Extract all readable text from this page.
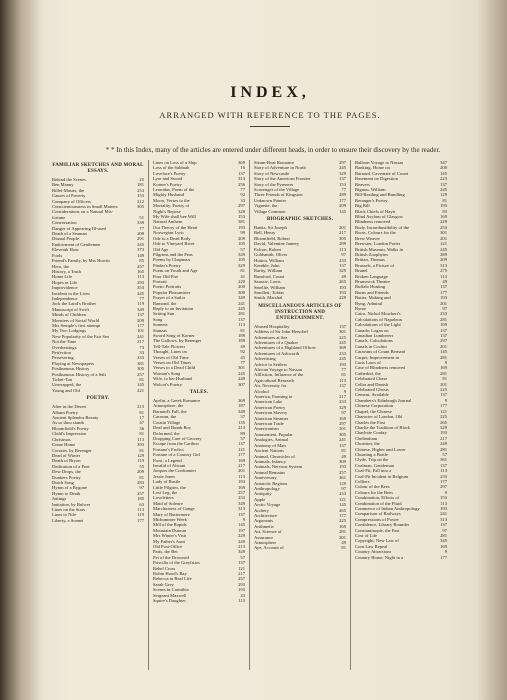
INDEX,
ARRANGED WITH REFERENCE TO THE PAGES.
* * In this Index, many of the articles are entered under different heads, in order to ensure their discovery by the reader.
FAMILIAR SKETCHES AND MORAL ESSAYS.
Behind the Scenes	25
Ben Manny	181
Billet-Master, the	253
Causes of Poverty	153
Company of Officers	212
Conscientiousness in Small Matters	305
Considerations on a Natural Mis-
fortune	51
Conversation	339
Danger of Appearing Ill-used	77
Death of a Seaman	208
Dismal People	291
Endowment of Gentlemen	245
Eleventh Hour	373
Fools	149
Friend's Family, by Mrs Howitt	85
Hero, the	257
History, a Truth	165
Home Life	113
Hopes in Life	293
Improvidence	353
Incident in the Lives	245
Independence	77
Jock the Laird's Brother	119
Manuscript of Swift	349
Minds of Children	137
Monsters of Social World	209
Mrs Semple's first attempt	177
My Two Lodgings	101
New Popularity of the Fair Sex	241
Not the Time	217
Overheatings	73
Perfection	33
Persevering	233
Playing at Newspapers	381
Posthumous History	305
Posthumous History of a Salt	257
Ticket-Ton	81
Unwrapped, the	145
Young and Old	221
POETRY.
After in the Desert	213
Album Poetry	81
Ancient Splendor Beauty	17
As so thou stands	47
Bloomfield's Poetry	36
Child's Impression	81
Christmas	113
Come Home	393
Coronet, by Berenger	81
Dead of Winter	129
Death of Bryon	119
Dedication of a Poet	55
Dew Drops, the	209
Dunkers Poetry	81
Dutch Song	283
Hymn of a Bygone	97
Hymn to Death	257
Jottings	185
Imitation, by Bulwer	63
Lines on the Stars	113
Lines to Nile	119
Liberty, a Sonnet	177
Lines on Loss of a Ship	369
Loss of the Sabbath	16
Lovelace's Poetry	137
Lyre and Sword	313
Korner's Poetry	256
Leonidas, Poem of the	77
Mighty Husband	92
Moon, Verses to the	33
Mortality, Poetry of	297
Night's Repose	320
My Wife shall bee Will	153
Natural Anthem	381
Our Theory of the Heart	193
Norwegian Lyric	99
Ode to a Dead Body	209
Ode to Vineyard River	105
Old Age	57
Pilgrims and the Peas	349
Poems by Chapman	105
Pindar's Poetry	329
Poem on Youth and Age	81
Poor Old Fire	41
Portrait	220
Poetic Portraits	200
Popular Pleasantries	300
Prayer of a Sailor	349
Ramond, the	241
Reply to an Invitation	245
Setting Sun	281
Song	137
Sonnets	113
Stanzas	81
Sword Song of Korner	189
The Gallows, by Berenger	189
Tell-Tale Flowers	49
Thought, Lines on	92
Verses of Old Time	45
Verses on Old Times	77
Verses to a Dead Child	301
Woman's Song	245
Wife, to her Husband	249
Wolcot's Poetry	307
TALES.
Ayelin, a Greek Romance	369
Atmosphere, the	187
Barnard's Fall, the	349
Caravan, the	37
Cousin Village	135
Deaf and Dumb Boy	213
Deformed, the	89
Dropping Care of Grocery	57
Escape from the Cariboo	137
Fortune's Frolics	121
Fortune of a Country Girl	177
Frost, a Legend	169
Invalid of Alicant	217
Jacques the Cordonnier	201
Jessie Jones	113
Lady of Bustle	193
Little Pilgrim, the	169
Lost Leg, the	257
Loveletters	233
Maid of Soleure	349
Marchioness of Gange	313
Mary of Buttermere	137
Midsummer Week	9
Mill of the Rapids	145
Mountain Duncan	197
Mrs Winter's Visit	229
My Father's Aunt	249
Old Post-Office	213
Paris, the Bet	349
Pet of the Drowned	57
Priscilla of the Greyfriars	137
Rebel Cross	121
Robin Hood's Bay	217
Rebecca in Real Life	257
Sarah Grey	293
Scenes in Carinthia	193
Sergeant Maxwell	43
Squire's Daughter	113
Steam-Boat Romance	297
Story of Adventure in North	245
Story of Newcastle	329
Story of the American Frontier	137
Story of the Pyrenees	153
Scavenger of the Village	77
Three Friends of Kingston	289
Unknown Painter	177
Vignette, the	209
Village Common	145
BIOGRAPHIC SKETCHES.
Banks, Sir Joseph	201
Bell, Henry	217
Bloomfield, Robert	305
David, Valentine Jamery	289
Falcon, Robert	113
Goldsmith, Oliver	97
Hutton, William	233
Kemble, John	137
Rarity, William	329
Rumford, Count	49
Saussie, Louis	265
Smellie, William	193
Smollett, Tobias	193
Smith, Marshal	229
MISCELLANEOUS ARTICLES OF INSTRUCTION AND ENTERTAINMENT.
Abused Hospitality	137
Address of Sir John Herschel	301
Adventures at Sea	225
Adventures of a Quaker	245
Adventures of a Highland Officer	369
Adventures of Ashworth	233
Advertising	245
Advice to Settlers	193
African Voyage to Nassau	77
Affliction, Influence of the	81
Agricultural Research	113
Air, Necessity for	137
Alcohol	9
America, Farming in	217
American Lake	233
American Poetry	329
American Slavery	97
American Steamer	169
American Trade	297
Americanism	201
Amusement, Popular	305
Analogies, Animal	241
Anatomy of Man	137
Ancient Nations	81
Animal, Chronicles of	49
Animals, Infancy	309
Animals, Nervous System	193
Animal Remains	257
Anniversary	361
Antarctic Regions	129
Anthropology	97
Antiquity	233
Apple	121
Arctic Voyage	145
Archery	265
Architecture	177
Argonauts	225
Arithmetic	169
Art, Science of	281
Assurance	201
Atmosphere	49
Aye, Account of	81
Balloon Voyage to Nassau	347
Banking, Home on	200
Barnard, Cavernate of Count	145
Basement on Digestion	223
Beavers	137
Bignou, William	245
Bill-Reading and Bundling	129
Beranger's Poetry	81
Big Bill	193
Black Chiefs of Hayti	83
Blind Asylum of Glasgow	169
Blindness removed	229
Body, Incombustibility of the	253
Boots, Colours for the	301
Brew Weaver	201
Brewster, London Porter	121
British Museum, Walks in	245
British Zoophytes	289
Brittan, Thomas	209
Brussels, a Picture of	313
Brunel	275
Broken Language	113
Brunswick Theatre	49
Buffalo Hunting	137
Burns and Friends	177
Butter, Making and	193
Byng, Admiral	201
Byron	97
Cairo, Nichol Mowbert's	233
Calculations of Napoleon	281
Calculations of the Light	169
Canada, Logan on	137
Canadian Lumberers	137
Canals, Calculations	297
Canals in Cochin	201
Caravans of Count Bernard	145
Carpet, Improvement in	281
Carts Laws of	9
Case of Blindness removed	169
Cathedral, the	281
Celebrated Chase	81
Cellar and Danish	201
Celebrated Ghosts	225
Cement, Available	137
Chambers's Edinburgh Journal	9
Chinese Corporation	177
Chapel, the Chinese	121
Character of London, Old	225
Charles the First	265
Charlie the Tradition of Black	329
Charlotte Corday	193
Cheltenham	217
Chorister, the	249
Chinese, Higher and Lower	281
Churning a Bottle	57
Clyde, Trip on the	361
Coalman, Gentleman	137
Coal-Pit, Fall into a	113
Coal-Pit Incident in Belgium	233
Colliers	177
Colour of the Bees	297
Colours for the Bees	9
Combination, Effects of	153
Combination of the Fluid	113
Commerce of Indian Anthropology	193
Comparison of Railways	241
Compressions of Power	313
Confidence, Library Bounder	137
Constantinople, the Past	97
Cost of Life	281
Copyright, New Law of	345
Corn Law Repeal	169
Country Attractions	9
Country Home, Night in a	177
